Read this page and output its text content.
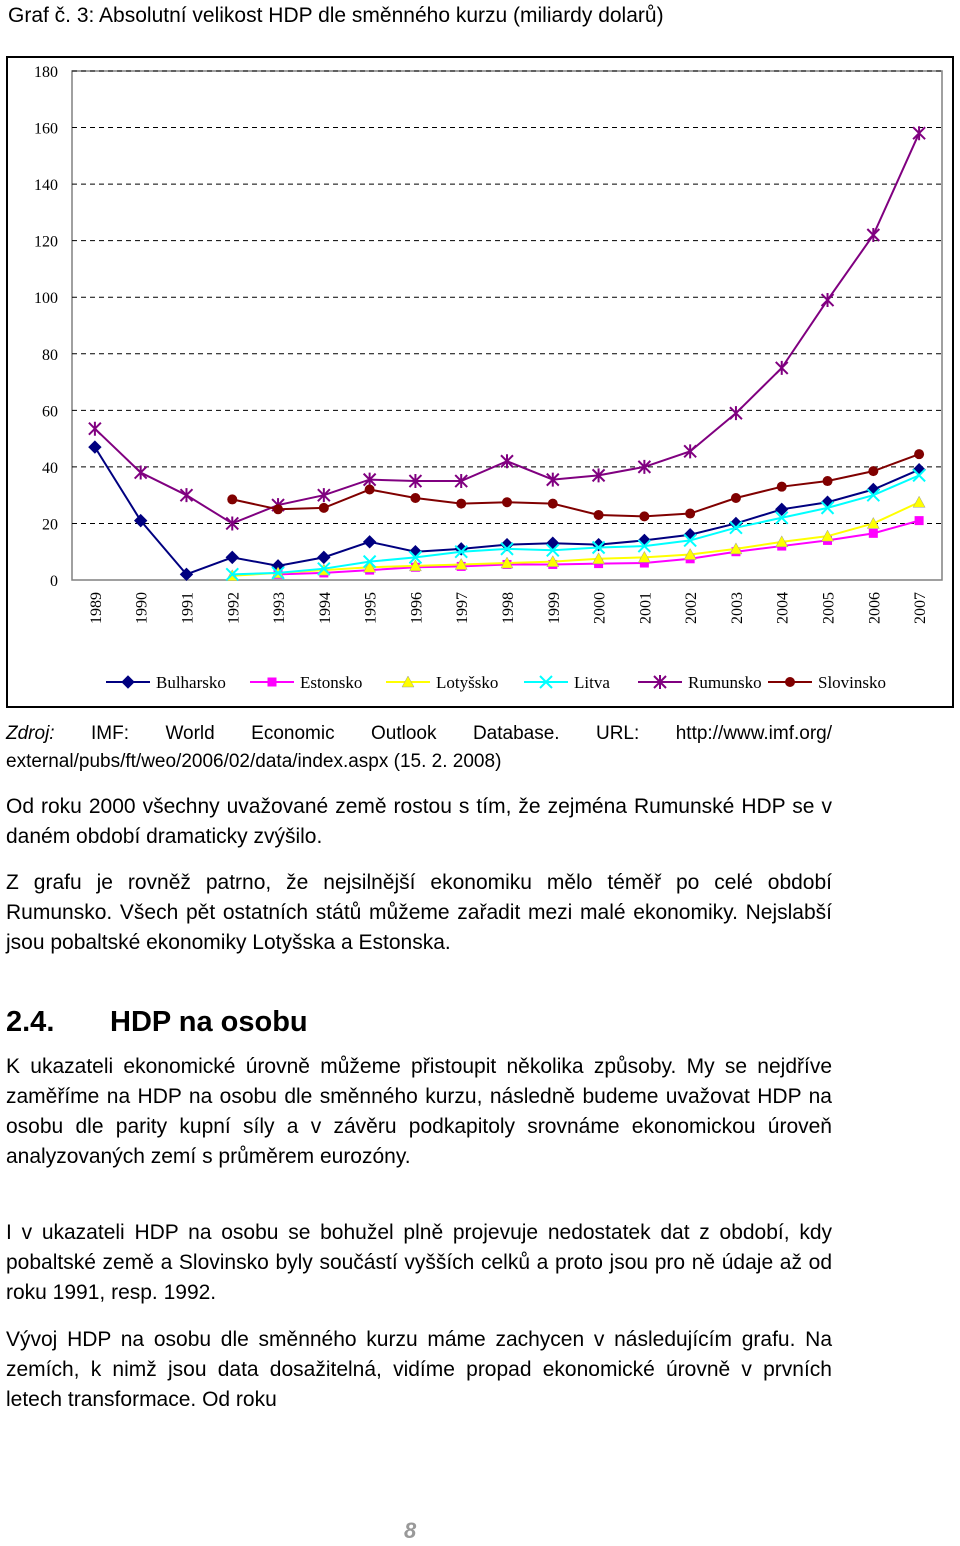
Graf č. 3: Absolutní velikost HDP dle směnného kurzu (miliardy dolarů)
0
20
40
60
80
100
120
140
160
180
1989 1990 1991 1992 1993 1994 1995 1996 1997 1998 1999 2000 2001 2002 2003 2004 2005 2006 2007
Bulharsko	Estonsko	Lotyšsko	Litva	Rumunsko	Slovinsko
Zdroj: IMF: World Economic Outlook Database. URL: http://www.imf.org/ external/pubs/ft/weo/2006/02/data/index.aspx (15. 2. 2008)
Od roku 2000 všechny uvažované země rostou s tím, že zejména Rumunské HDP se v daném období dramaticky zvýšilo.
Z grafu je rovněž patrno, že nejsilnější ekonomiku mělo téměř po celé období Rumunsko. Všech pět ostatních států můžeme zařadit mezi malé ekonomiky. Nejslabší jsou pobaltské ekonomiky Lotyšska a Estonska.
2.4. HDP na osobu
K ukazateli ekonomické úrovně můžeme přistoupit několika způsoby. My se nejdříve zaměříme na HDP na osobu dle směnného kurzu, následně budeme uvažovat HDP na osobu dle parity kupní síly a v závěru podkapitoly srovnáme ekonomickou úroveň analyzovaných zemí s průměrem eurozóny.
I v ukazateli HDP na osobu se bohužel plně projevuje nedostatek dat z období, kdy pobaltské země a Slovinsko byly součástí vyšších celků a proto jsou pro ně údaje až od roku 1991, resp. 1992.
Vývoj HDP na osobu dle směnného kurzu máme zachycen v následujícím grafu. Na zemích, k nimž jsou data dosažitelná, vidíme propad ekonomické úrovně v prvních letech transformace. Od roku
8
